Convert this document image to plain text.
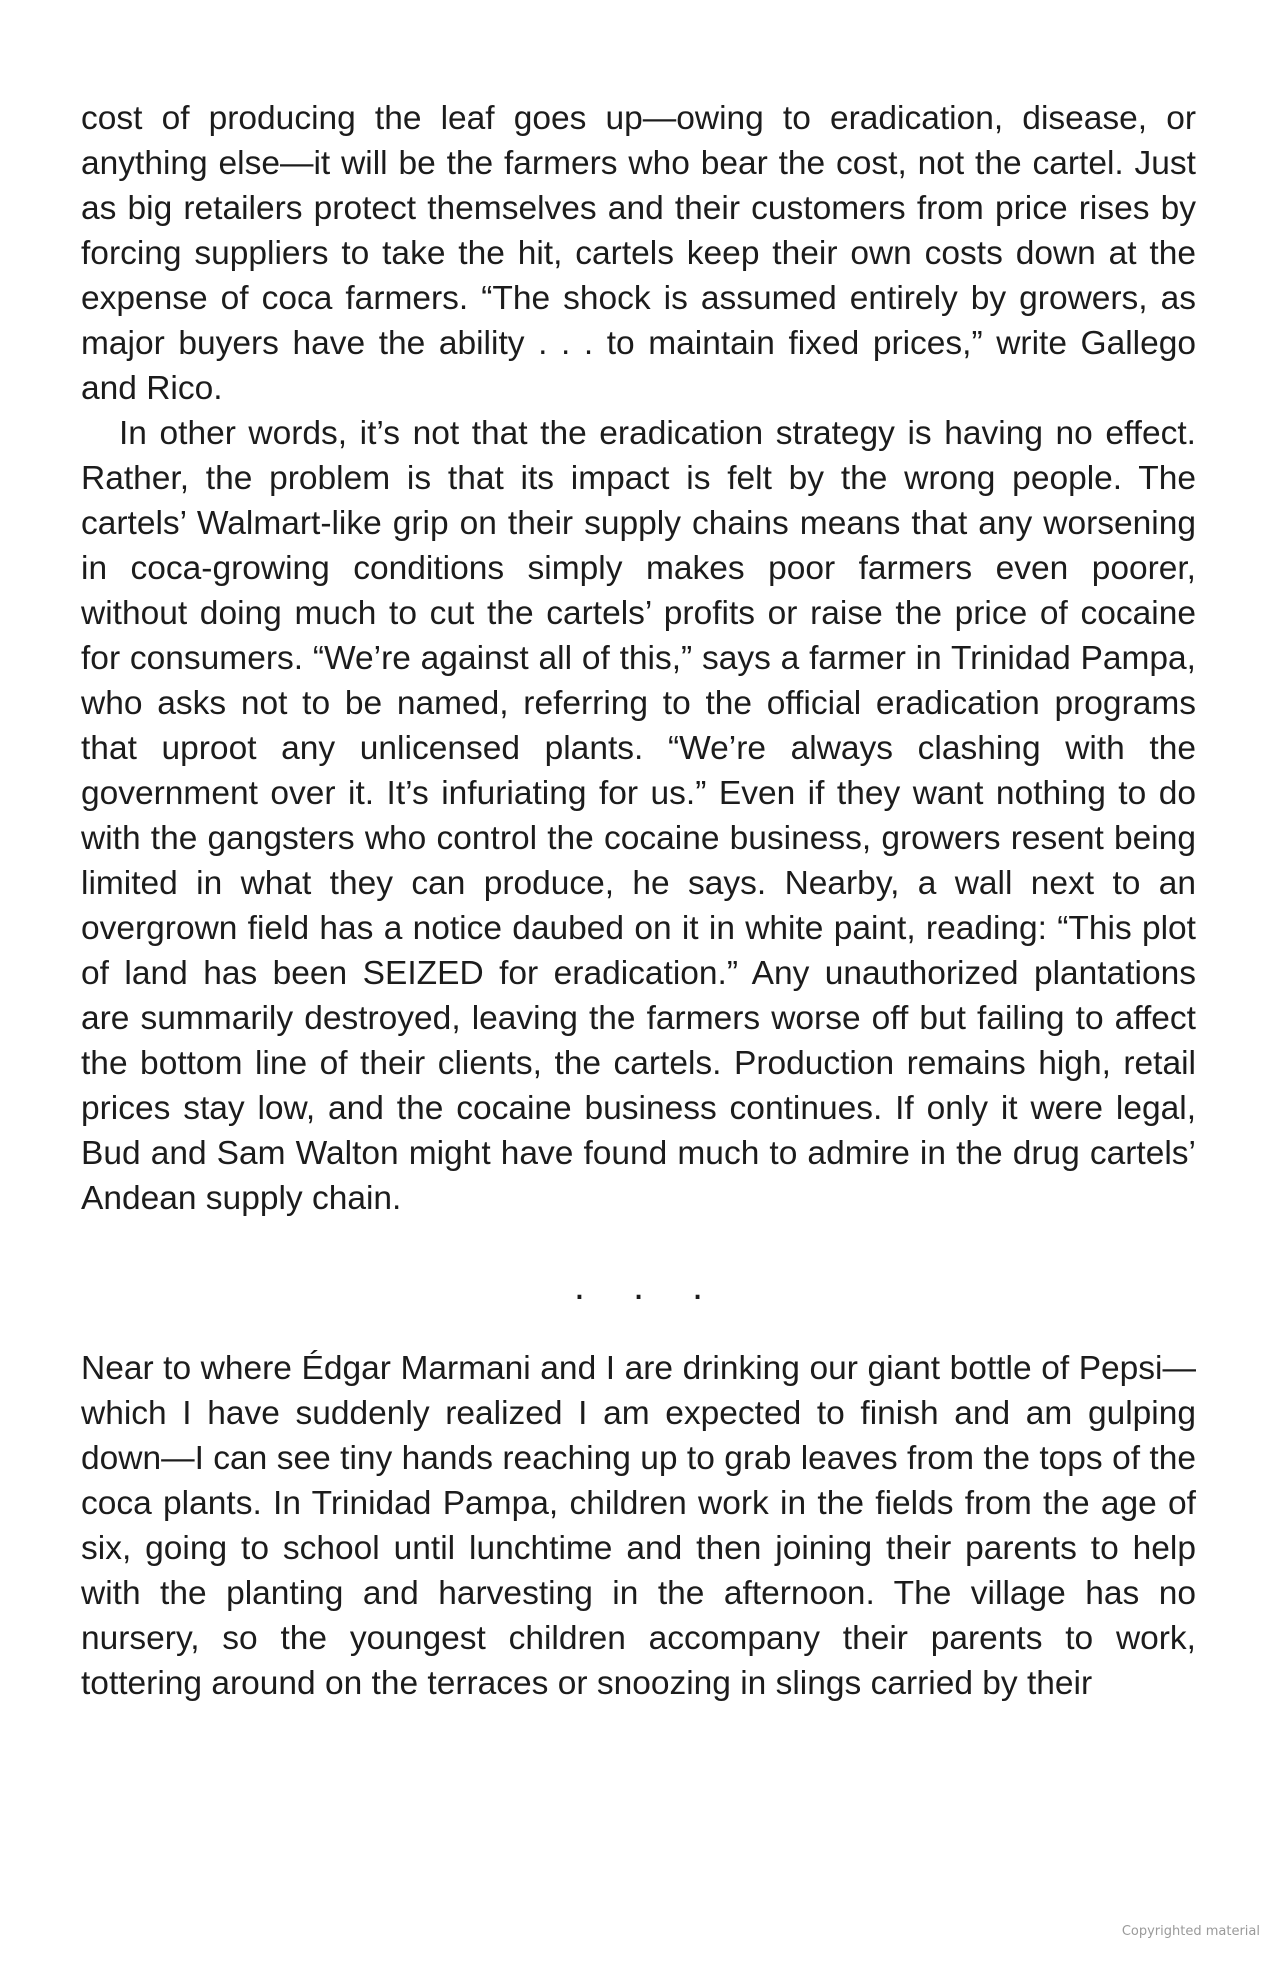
cost of producing the leaf goes up—owing to eradication, disease, or anything else—it will be the farmers who bear the cost, not the cartel. Just as big retailers protect themselves and their customers from price rises by forcing suppliers to take the hit, cartels keep their own costs down at the expense of coca farmers. “The shock is assumed entirely by growers, as major buyers have the ability . . . to maintain fixed prices,” write Gallego and Rico.

In other words, it’s not that the eradication strategy is having no effect. Rather, the problem is that its impact is felt by the wrong people. The cartels’ Walmart-like grip on their supply chains means that any worsening in coca-growing conditions simply makes poor farmers even poorer, without doing much to cut the cartels’ profits or raise the price of cocaine for consumers. “We’re against all of this,” says a farmer in Trinidad Pampa, who asks not to be named, referring to the official eradication programs that uproot any unlicensed plants. “We’re always clashing with the government over it. It’s infuriating for us.” Even if they want nothing to do with the gangsters who control the cocaine business, growers resent being limited in what they can produce, he says. Nearby, a wall next to an overgrown field has a notice daubed on it in white paint, reading: “This plot of land has been SEIZED for eradication.” Any unauthorized plantations are summarily destroyed, leaving the farmers worse off but failing to affect the bottom line of their clients, the cartels. Production remains high, retail prices stay low, and the cocaine business continues. If only it were legal, Bud and Sam Walton might have found much to admire in the drug cartels’ Andean supply chain.

...

Near to where Édgar Marmani and I are drinking our giant bottle of Pepsi—which I have suddenly realized I am expected to finish and am gulping down—I can see tiny hands reaching up to grab leaves from the tops of the coca plants. In Trinidad Pampa, children work in the fields from the age of six, going to school until lunchtime and then joining their parents to help with the planting and harvesting in the afternoon. The village has no nursery, so the youngest children accompany their parents to work, tottering around on the terraces or snoozing in slings carried by their

Copyrighted material
